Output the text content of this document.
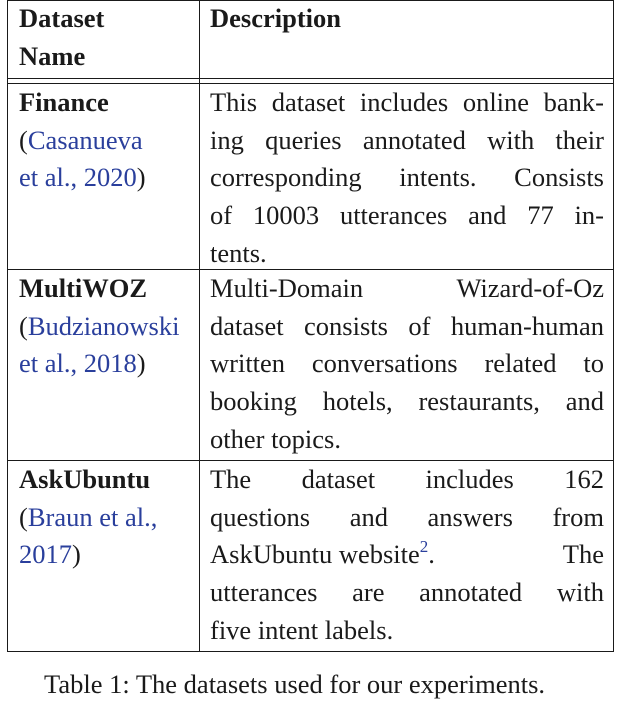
Dataset
Name
Description
Finance
(Casanueva
et al., 2020)
This dataset includes online bank-
ing queries annotated with their
corresponding intents. Consists
of 10003 utterances and 77 in-
tents.
MultiWOZ
(Budzianowski
et al., 2018)
Multi-Domain Wizard-of-Oz
dataset consists of human-human
written conversations related to
booking hotels, restaurants, and
other topics.
AskUbuntu
(Braun et al.,
2017)
The dataset includes 162
questions and answers from
AskUbuntu website$^2$.	The
utterances are annotated with
five intent labels.
Table 1: The datasets used for our experiments.
